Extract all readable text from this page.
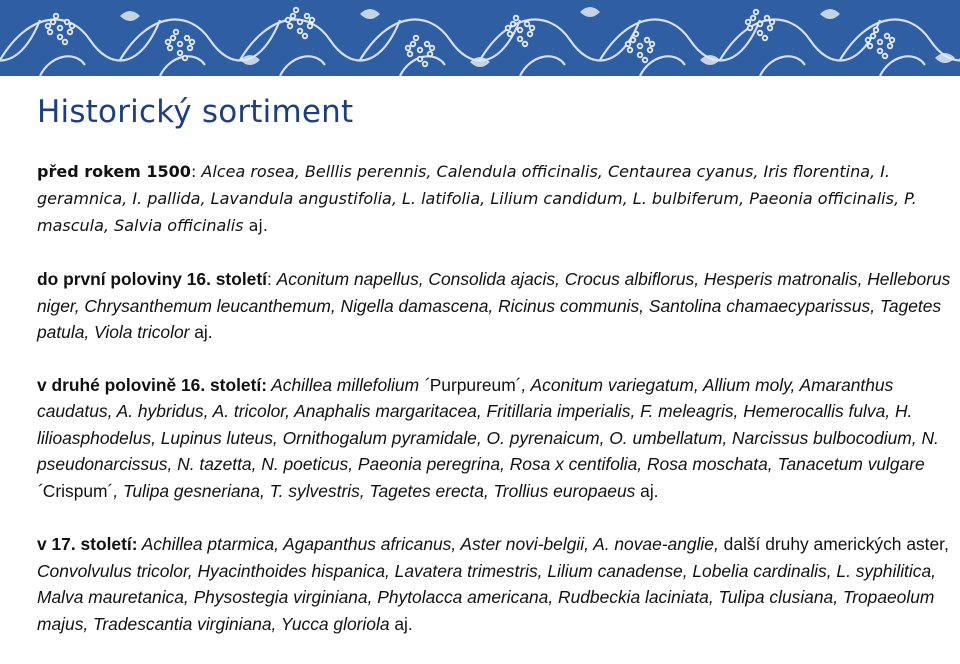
Historický sortiment

před rokem 1500: Alcea rosea, Belllis perennis, Calendula officinalis, Centaurea cyanus, Iris florentina, I. geramnica, I. pallida, Lavandula angustifolia, L. latifolia, Lilium candidum, L. bulbiferum, Paeonia officinalis, P. mascula, Salvia officinalis aj.

do první poloviny 16. století: Aconitum napellus, Consolida ajacis, Crocus albiflorus, Hesperis matronalis, Helleborus niger, Chrysanthemum leucanthemum, Nigella damascena, Ricinus communis, Santolina chamaecyparissus, Tagetes patula, Viola tricolor aj.

v druhé polovině 16. století: Achillea millefolium ´Purpureum´, Aconitum variegatum, Allium moly, Amaranthus caudatus, A. hybridus, A. tricolor, Anaphalis margaritacea, Fritillaria imperialis, F. meleagris, Hemerocallis fulva, H. lilioasphodelus, Lupinus luteus, Ornithogalum pyramidale, O. pyrenaicum, O. umbellatum, Narcissus bulbocodium, N. pseudonarcissus, N. tazetta, N. poeticus, Paeonia peregrina, Rosa x centifolia, Rosa moschata, Tanacetum vulgare ´Crispum´, Tulipa gesneriana, T. sylvestris, Tagetes erecta, Trollius europaeus aj.

v 17. století: Achillea ptarmica, Agapanthus africanus, Aster novi-belgii, A. novae-anglie, další druhy amerických aster, Convolvulus tricolor, Hyacinthoides hispanica, Lavatera trimestris, Lilium canadense, Lobelia cardinalis, L. syphilitica, Malva mauretanica, Physostegia virginiana, Phytolacca americana, Rudbeckia laciniata, Tulipa clusiana, Tropaeolum majus, Tradescantia virginiana, Yucca gloriola aj.
